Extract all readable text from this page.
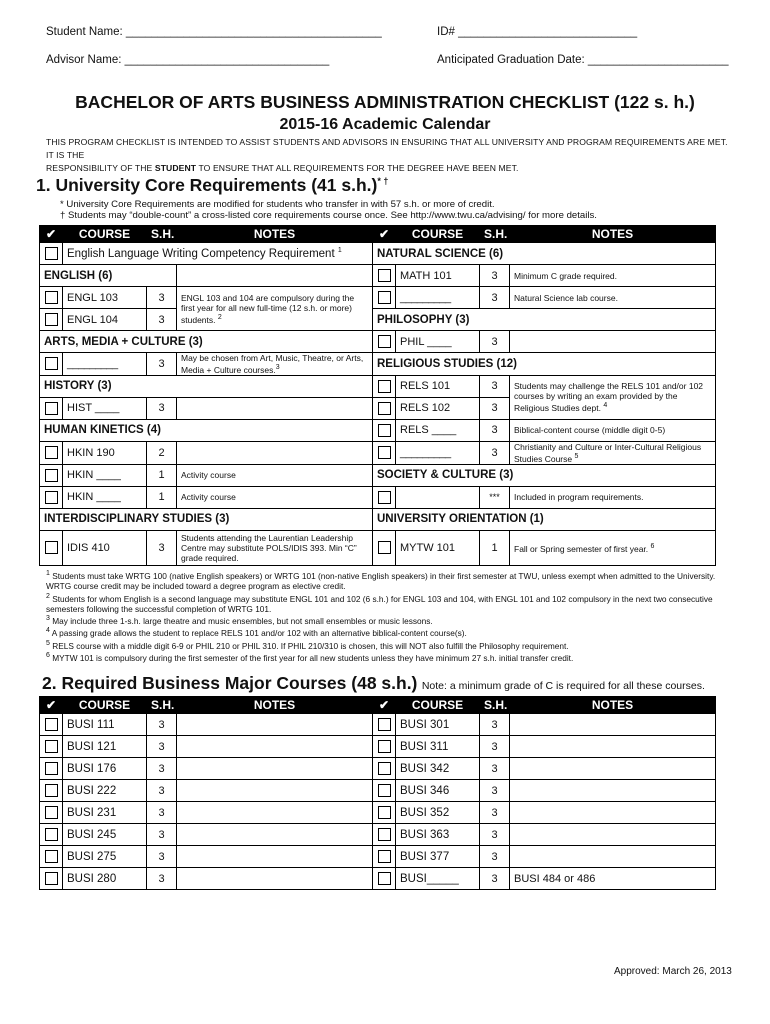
Student Name: ________________________________________	ID# ____________________________
Advisor Name: ________________________________	Anticipated Graduation Date: ______________________
BACHELOR OF ARTS BUSINESS ADMINISTRATION CHECKLIST (122 s. h.)
2015-16 Academic Calendar
THIS PROGRAM CHECKLIST IS INTENDED TO ASSIST STUDENTS AND ADVISORS IN ENSURING THAT ALL UNIVERSITY AND PROGRAM REQUIREMENTS ARE MET. IT IS THE
RESPONSIBILITY OF THE STUDENT TO ENSURE THAT ALL REQUIREMENTS FOR THE DEGREE HAVE BEEN MET.
1. University Core Requirements (41 s.h.)* †
* University Core Requirements are modified for students who transfer in with 57 s.h. or more of credit.
† Students may “double-count” a cross-listed core requirements course once. See http://www.twu.ca/advising/ for more details.
✔	COURSE	S.H.	NOTES	✔	COURSE	S.H.	NOTES
	English Language Writing Competency Requirement $^1$			NATURAL SCIENCE (6)			
ENGLISH (6)					MATH 101	3	Minimum C grade required.
	ENGL 103	3	ENGL 103 and 104 are compulsory during the first year for all new full-time (12 s.h. or more) students. $^2$		_________	3	Natural Science lab course.
	ENGL 104	3		PHILOSOPHY (3)			
ARTS, MEDIA + CULTURE (3)					PHIL ____	3	
	_________	3	May be chosen from Art, Music, Theatre, or Arts, Media + Culture courses.$^3$	RELIGIOUS STUDIES (12)			
HISTORY (3)					RELS 101	3	Students may challenge the RELS 101 and/or 102 courses by writing an exam provided by the Religious Studies dept. $^4$
	HIST ____	3			RELS 102	3	
HUMAN KINETICS (4)					RELS ____	3	Biblical-content course (middle digit 0-5)
	HKIN 190	2			_________	3	Christianity and Culture or Inter-Cultural Religious Studies Course $^5$
	HKIN ____	1	Activity course	SOCIETY & CULTURE (3)			
	HKIN ____	1	Activity course			***	Included in program requirements.
INTERDISCIPLINARY STUDIES (3)				UNIVERSITY ORIENTATION (1)			
	IDIS 410	3	Students attending the Laurentian Leadership Centre may substitute POLS/IDIS 393. Min “C” grade required.		MYTW 101	1	Fall or Spring semester of first year. $^6$
$^1$ Students must take WRTG 100 (native English speakers) or WRTG 101 (non-native English speakers) in their first semester at TWU, unless exempt when admitted to the University. WRTG course credit may be included toward a degree program as elective credit.
$^2$ Students for whom English is a second language may substitute ENGL 101 and 102 (6 s.h.) for ENGL 103 and 104, with ENGL 101 and 102 compulsory in the next two consecutive semesters following the successful completion of WRTG 101.
$^3$ May include three 1-s.h. large theatre and music ensembles, but not small ensembles or music lessons.
$^4$ A passing grade allows the student to replace RELS 101 and/or 102 with an alternative biblical-content course(s).
$^5$ RELS course with a middle digit 6-9 or PHIL 210 or PHIL 310. If PHIL 210/310 is chosen, this will NOT also fulfill the Philosophy requirement.
$^6$ MYTW 101 is compulsory during the first semester of the first year for all new students unless they have minimum 27 s.h. initial transfer credit.
2. Required Business Major Courses (48 s.h.) Note: a minimum grade of C is required for all these courses.
✔	COURSE	S.H.	NOTES	✔	COURSE	S.H.	NOTES
	BUSI 111	3			BUSI 301	3	
	BUSI 121	3			BUSI 311	3	
	BUSI 176	3			BUSI 342	3	
	BUSI 222	3			BUSI 346	3	
	BUSI 231	3			BUSI 352	3	
	BUSI 245	3			BUSI 363	3	
	BUSI 275	3			BUSI 377	3	
	BUSI 280	3			BUSI_____	3	BUSI 484 or 486
Approved: March 26, 2013
